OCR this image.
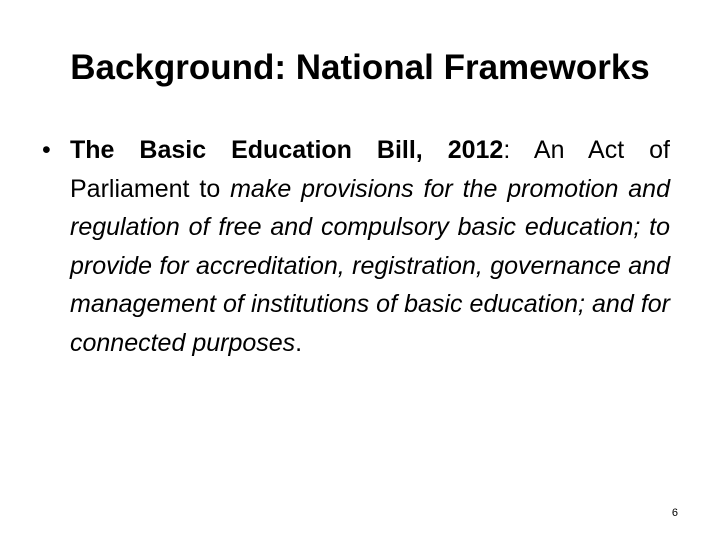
Background: National Frameworks
• The Basic Education Bill, 2012: An Act of Parliament to make provisions for the promotion and regulation of free and compulsory basic education; to provide for accreditation, registration, governance and management of institutions of basic education; and for connected purposes.

6
